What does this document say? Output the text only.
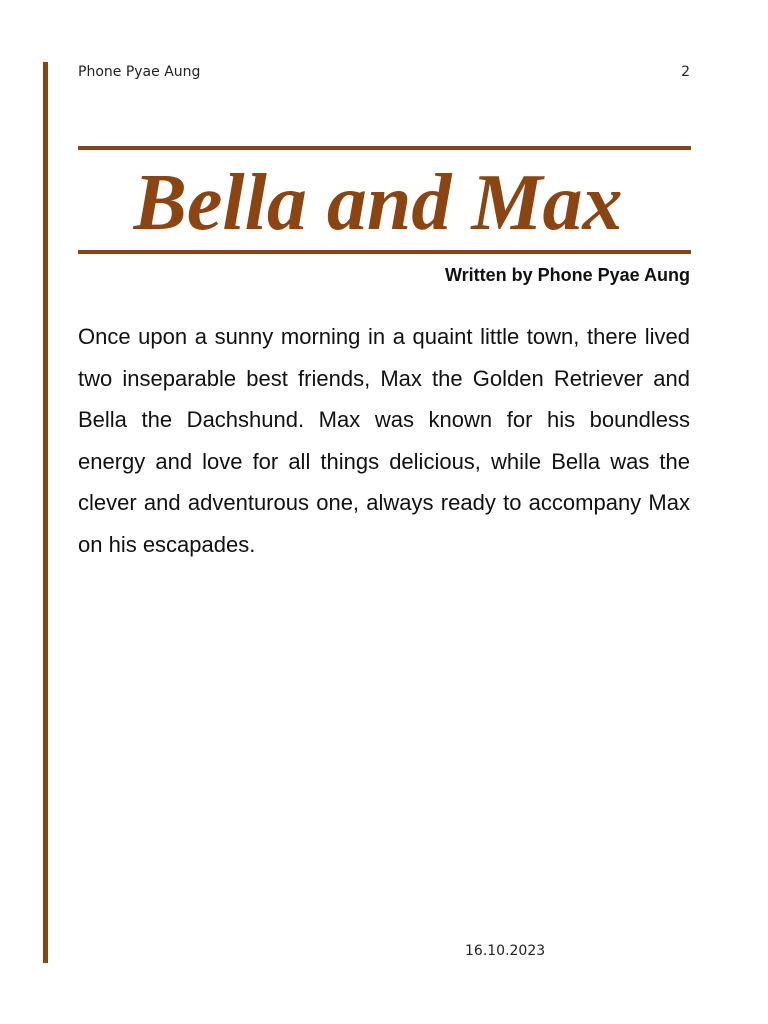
Phone Pyae Aung	2
Bella and Max
Written by Phone Pyae Aung

Once upon a sunny morning in a quaint little town, there lived two inseparable best friends, Max the Golden Retriever and Bella the Dachshund. Max was known for his boundless energy and love for all things delicious, while Bella was the clever and adventurous one, always ready to accompany Max on his escapades.

16.10.2023
